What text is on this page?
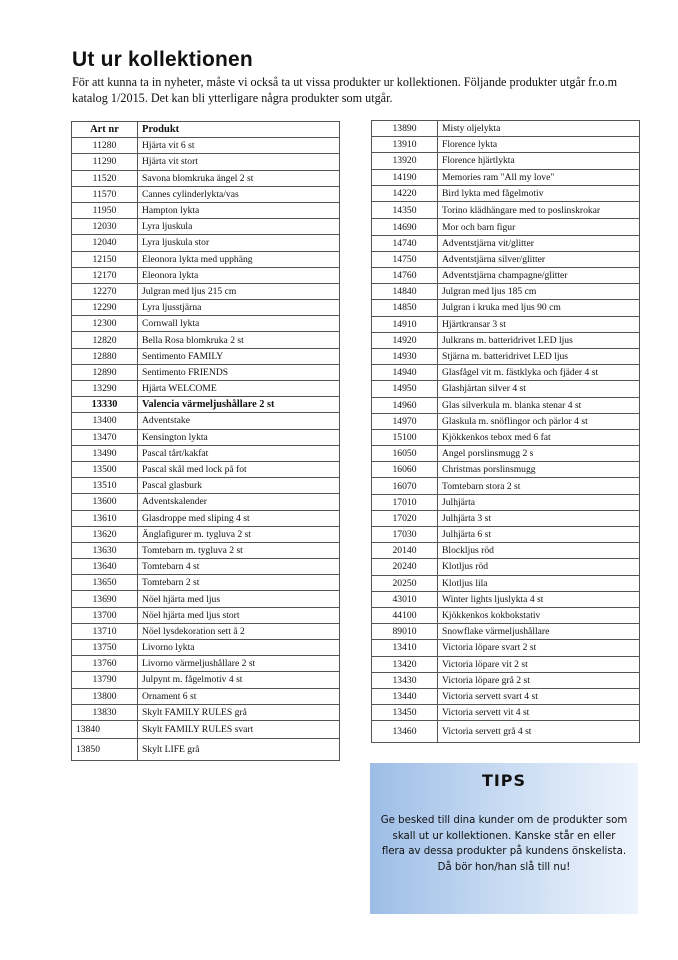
Ut ur kollektionen

För att kunna ta in nyheter, måste vi också ta ut vissa produkter ur kollektionen. Följande produkter utgår fr.o.m katalog 1/2015. Det kan bli ytterligare några produkter som utgår.

Art nr	Produkt
11280	Hjärta vit 6 st
11290	Hjärta vit stort
11520	Savona blomkruka ängel 2 st
11570	Cannes cylinderlykta/vas
11950	Hampton lykta
12030	Lyra ljuskula
12040	Lyra ljuskula stor
12150	Eleonora lykta med upphäng
12170	Eleonora lykta
12270	Julgran med ljus 215 cm
12290	Lyra ljusstjärna
12300	Cornwall lykta
12820	Bella Rosa blomkruka 2 st
12880	Sentimento FAMILY
12890	Sentimento FRIENDS
13290	Hjärta WELCOME
13330	Valencia värmeljushållare 2 st
13400	Adventstake
13470	Kensington lykta
13490	Pascal tårt/kakfat
13500	Pascal skål med lock på fot
13510	Pascal glasburk
13600	Adventskalender
13610	Glasdroppe med sliping 4 st
13620	Änglafigurer m. tygluva 2 st
13630	Tomtebarn m. tygluva 2 st
13640	Tomtebarn 4 st
13650	Tomtebarn 2 st
13690	Nöel hjärta med ljus
13700	Nöel hjärta med ljus stort
13710	Nöel lysdekoration sett å 2
13750	Livorno lykta
13760	Livorno värmeljushållare 2 st
13790	Julpynt m. fågelmotiv 4 st
13800	Ornament 6 st
13830	Skylt FAMILY RULES grå
13840	Skylt FAMILY RULES svart
13850	Skylt LIFE grå
13890	Misty oljelykta
13910	Florence lykta
13920	Florence hjärtlykta
14190	Memories ram "All my love"
14220	Bird lykta med fågelmotiv
14350	Torino klädhängare med to poslinskrokar
14690	Mor och barn figur
14740	Adventstjärna vit/glitter
14750	Adventstjärna silver/glitter
14760	Adventstjärna champagne/glitter
14840	Julgran med ljus 185 cm
14850	Julgran i kruka med ljus 90 cm
14910	Hjärtkransar 3 st
14920	Julkrans m. batteridrivet LED ljus
14930	Stjärna m. batteridrivet LED ljus
14940	Glasfågel vit m. fästklyka och fjäder 4 st
14950	Glashjärtan silver 4 st
14960	Glas silverkula m. blanka stenar 4 st
14970	Glaskula m. snöflingor och pärlor 4 st
15100	Kjökkenkos tebox med 6 fat
16050	Angel porslinsmugg 2 s
16060	Christmas porslinsmugg
16070	Tomtebarn stora 2 st
17010	Julhjärta
17020	Julhjärta 3 st
17030	Julhjärta 6 st
20140	Blockljus röd
20240	Klotljus röd
20250	Klotljus lila
43010	Winter lights ljuslykta 4 st
44100	Kjökkenkos kokbokstativ
89010	Snowflake värmeljushållare
13410	Victoria löpare svart 2 st
13420	Victoria löpare vit 2 st
13430	Victoria löpare grå 2 st
13440	Victoria servett svart 4 st
13450	Victoria servett vit 4 st
13460	Victoria servett grå 4 st
TIPS

Ge besked till dina kunder om de produkter som skall ut ur kollektionen. Kanske står en eller flera av dessa produkter på kundens önskelista. Då bör hon/han slå till nu!
